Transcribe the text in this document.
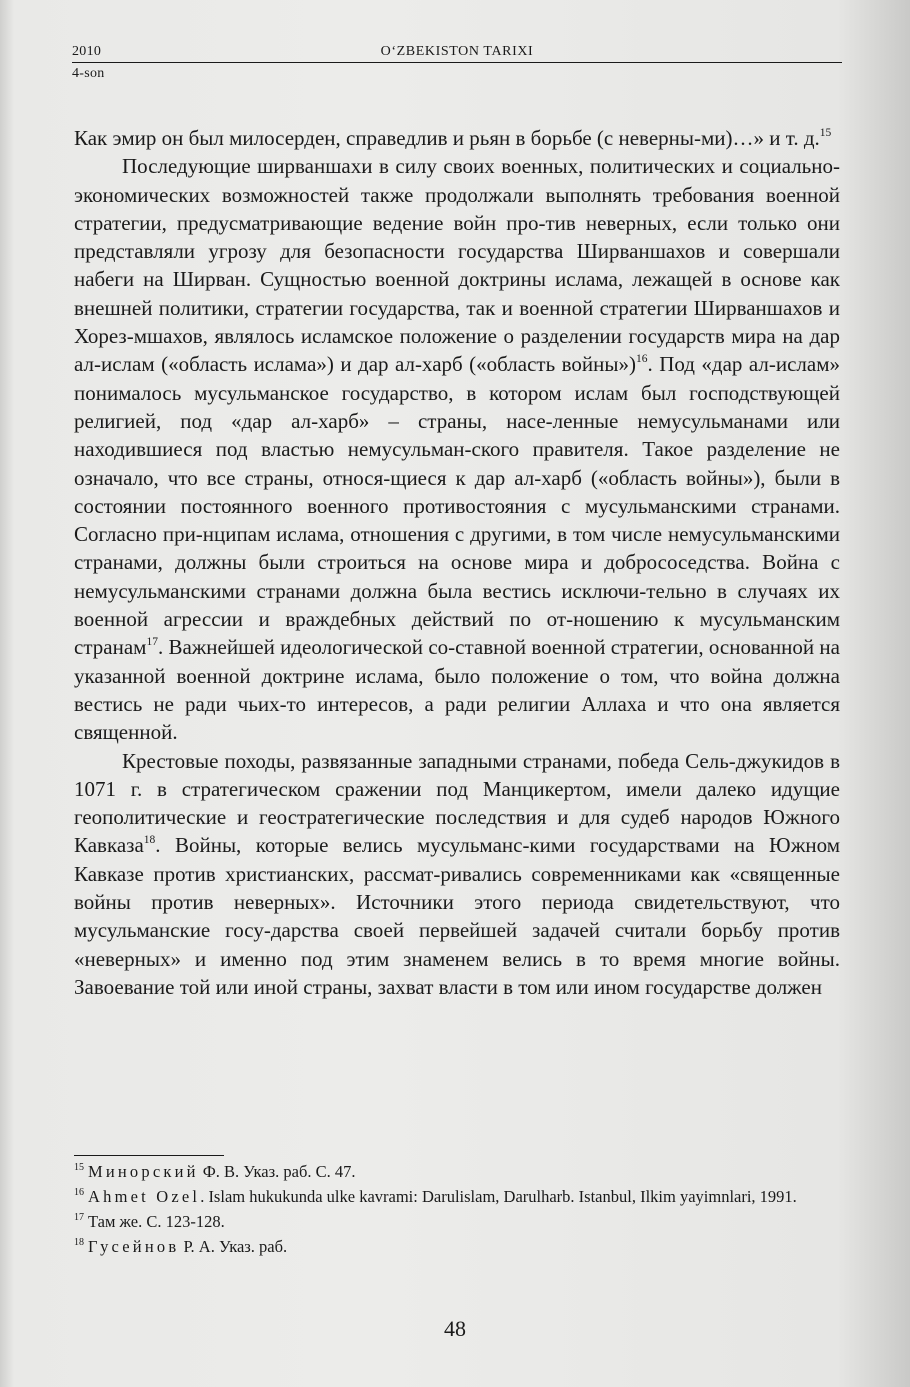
2010	O‘ZBEKISTON TARIXI
4-son

Как эмир он был милосерден, справедлив и рьян в борьбе (с неверны-ми)…» и т. д.$^{15}$

Последующие ширваншахи в силу своих военных, политических и социально-экономических возможностей также продолжали выполнять требования военной стратегии, предусматривающие ведение войн про-тив неверных, если только они представляли угрозу для безопасности государства Ширваншахов и совершали набеги на Ширван. Сущностью военной доктрины ислама, лежащей в основе как внешней политики, стратегии государства, так и военной стратегии Ширваншахов и Хорез-мшахов, являлось исламское положение о разделении государств мира на дар ал-ислам («область ислама») и дар ал-харб («область войны»)$^{16}$. Под «дар ал-ислам» понималось мусульманское государство, в котором ислам был господствующей религией, под «дар ал-харб» – страны, насе-ленные немусульманами или находившиеся под властью немусульман-ского правителя. Такое разделение не означало, что все страны, относя-щиеся к дар ал-харб («область войны»), были в состоянии постоянного военного противостояния с мусульманскими странами. Согласно при-нципам ислама, отношения с другими, в том числе немусульманскими странами, должны были строиться на основе мира и добрососедства. Война с немусульманскими странами должна была вестись исключи-тельно в случаях их военной агрессии и враждебных действий по от-ношению к мусульманским странам$^{17}$. Важнейшей идеологической со-ставной военной стратегии, основанной на указанной военной доктрине ислама, было положение о том, что война должна вестись не ради чьих-то интересов, а ради религии Аллаха и что она является священной.

Крестовые походы, развязанные западными странами, победа Сель-джукидов в 1071 г. в стратегическом сражении под Манцикертом, имели далеко идущие геополитические и геостратегические последствия и для судеб народов Южного Кавказа$^{18}$. Войны, которые велись мусульманс-кими государствами на Южном Кавказе против христианских, рассмат-ривались современниками как «священные войны против неверных». Источники этого периода свидетельствуют, что мусульманские госу-дарства своей первейшей задачей считали борьбу против «неверных» и именно под этим знаменем велись в то время многие войны. Завоевание той или иной страны, захват власти в том или ином государстве должен

$^{15}$ Минорский Ф. В. Указ. раб. С. 47.

$^{16}$ Ahmet Ozel. Islam hukukunda ulke kavrami: Darulislam, Darulharb. Istanbul, Ilkim yayimnlari, 1991.

$^{17}$ Там же. С. 123-128.

$^{18}$ Гусейнов Р. А. Указ. раб.

48
